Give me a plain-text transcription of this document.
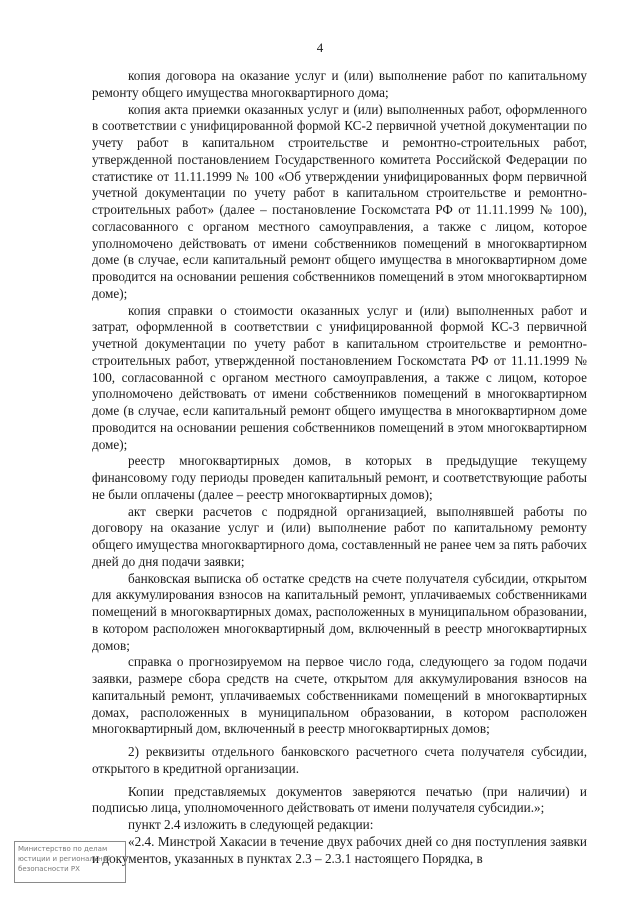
4

копия договора на оказание услуг и (или) выполнение работ по капитальному ремонту общего имущества многоквартирного дома;

копия акта приемки оказанных услуг и (или) выполненных работ, оформленного в соответствии с унифицированной формой КС-2 первичной учетной документации по учету работ в капитальном строительстве и ремонтно-строительных работ, утвержденной постановлением Государственного комитета Российской Федерации по статистике от 11.11.1999 № 100 «Об утверждении унифицированных форм первичной учетной документации по учету работ в капитальном строительстве и ремонтно-строительных работ» (далее – постановление Госкомстата РФ от 11.11.1999 № 100), согласованного с органом местного самоуправления, а также с лицом, которое уполномочено действовать от имени собственников помещений в многоквартирном доме (в случае, если капитальный ремонт общего имущества в многоквартирном доме проводится на основании решения собственников помещений в этом многоквартирном доме);

копия справки о стоимости оказанных услуг и (или) выполненных работ и затрат, оформленной в соответствии с унифицированной формой КС-3 первичной учетной документации по учету работ в капитальном строительстве и ремонтно-строительных работ, утвержденной постановлением Госкомстата РФ от 11.11.1999 № 100, согласованной с органом местного самоуправления, а также с лицом, которое уполномочено действовать от имени собственников помещений в многоквартирном доме (в случае, если капитальный ремонт общего имущества в многоквартирном доме проводится на основании решения собственников помещений в этом многоквартирном доме);

реестр многоквартирных домов, в которых в предыдущие текущему финансовому году периоды проведен капитальный ремонт, и соответствующие работы не были оплачены (далее – реестр многоквартирных домов);

акт сверки расчетов с подрядной организацией, выполнявшей работы по договору на оказание услуг и (или) выполнение работ по капитальному ремонту общего имущества многоквартирного дома, составленный не ранее чем за пять рабочих дней до дня подачи заявки;

банковская выписка об остатке средств на счете получателя субсидии, открытом для аккумулирования взносов на капитальный ремонт, уплачиваемых собственниками помещений в многоквартирных домах, расположенных в муниципальном образовании, в котором расположен многоквартирный дом, включенный в реестр многоквартирных домов;

справка о прогнозируемом на первое число года, следующего за годом подачи заявки, размере сбора средств на счете, открытом для аккумулирования взносов на капитальный ремонт, уплачиваемых собственниками помещений в многоквартирных домах, расположенных в муниципальном образовании, в котором расположен многоквартирный дом, включенный в реестр многоквартирных домов;

2) реквизиты отдельного банковского расчетного счета получателя субсидии, открытого в кредитной организации.

Копии представляемых документов заверяются печатью (при наличии) и подписью лица, уполномоченного действовать от имени получателя субсидии.»;

пункт 2.4 изложить в следующей редакции:

«2.4. Минстрой Хакасии в течение двух рабочих дней со дня поступления заявки и документов, указанных в пунктах 2.3 – 2.3.1 настоящего Порядка, в

Министерство по делам
юстиции и региональной
безопасности РХ
